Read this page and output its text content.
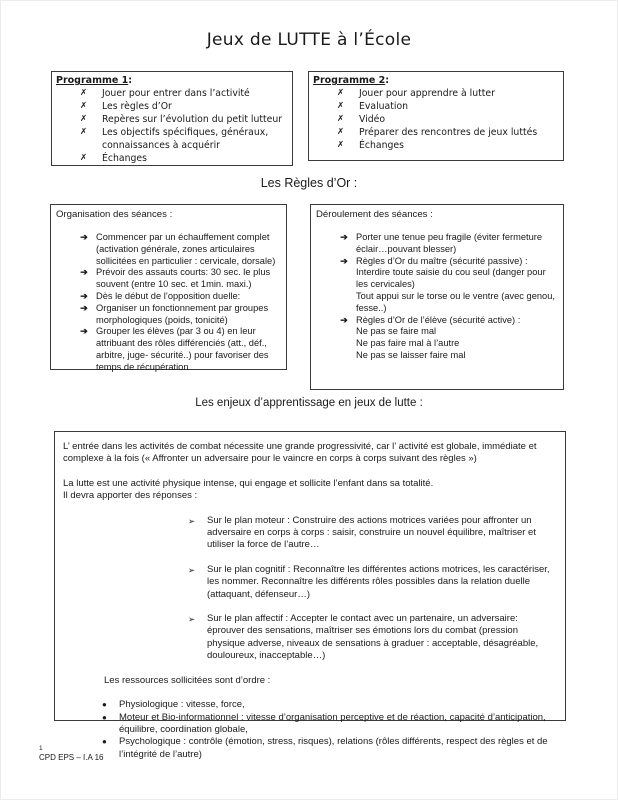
Jeux de LUTTE à l’École
Programme 1:
✗	Jouer pour entrer dans l’activité
✗	Les règles d’Or
✗	Repères sur l’évolution du petit lutteur
✗	Les objectifs spécifiques, généraux, connaissances à acquérir
✗	Échanges
Programme 2:
✗	Jouer pour apprendre à lutter
✗	Evaluation
✗	Vidéo
✗	Préparer des rencontres de jeux luttés
✗	Échanges
Les Règles d’Or :
Organisation des séances :
➔ Commencer par un échauffement complet (activation générale, zones articulaires sollicitées en particulier : cervicale, dorsale)
➔ Prévoir des assauts courts: 30 sec. le plus souvent (entre 10 sec. et 1min. maxi.)
➔ Dès le début de l’opposition duelle:
➔ Organiser un fonctionnement par groupes morphologiques (poids, tonicité)
➔ Grouper les élèves (par 3 ou 4) en leur attribuant des rôles différenciés (att., déf., arbitre, juge- sécurité..) pour favoriser des temps de récupération
Déroulement des séances :
➔ Porter une tenue peu fragile (éviter fermeture éclair…pouvant blesser)
➔ Règles d’Or du maître (sécurité passive) :
Interdire toute saisie du cou seul (danger pour les cervicales)
Tout appui sur le torse ou le ventre (avec genou, fesse..)
➔ Règles d’Or de l’élève (sécurité active) :
Ne pas se faire mal
Ne pas faire mal à l’autre
Ne pas se laisser faire mal
Les enjeux d’apprentissage en jeux de lutte :

L’ entrée dans les activités de combat nécessite une grande progressivité, car l’ activité est globale, immédiate et complexe à la fois (« Affronter un adversaire pour le vaincre en corps à corps suivant des règles »)

La lutte est une activité physique intense, qui engage et sollicite l’enfant dans sa totalité.

Il devra apporter des réponses :

➢	Sur le plan moteur : Construire des actions motrices variées pour affronter un adversaire en corps à corps : saisir, construire un nouvel équilibre, maîtriser et utiliser la force de l’autre…
➢	Sur le plan cognitif : Reconnaître les différentes actions motrices, les caractériser, les nommer. Reconnaître les différents rôles possibles dans la relation duelle (attaquant, défenseur…)
➢	Sur le plan affectif : Accepter le contact avec un partenaire, un adversaire: éprouver des sensations, maîtriser ses émotions lors du combat (pression physique adverse, niveaux de sensations à graduer : acceptable, désagréable, douloureux, inacceptable…)
Les ressources sollicitées sont d’ordre :
●	Physiologique : vitesse, force,
●	Moteur et Bio-informationnel : vitesse d’organisation perceptive et de réaction, capacité d’anticipation, équilibre, coordination globale,
●	Psychologique : contrôle (émotion, stress, risques), relations (rôles différents, respect des règles et de l’intégrité de l’autre)
1
CPD EPS – I.A 16
